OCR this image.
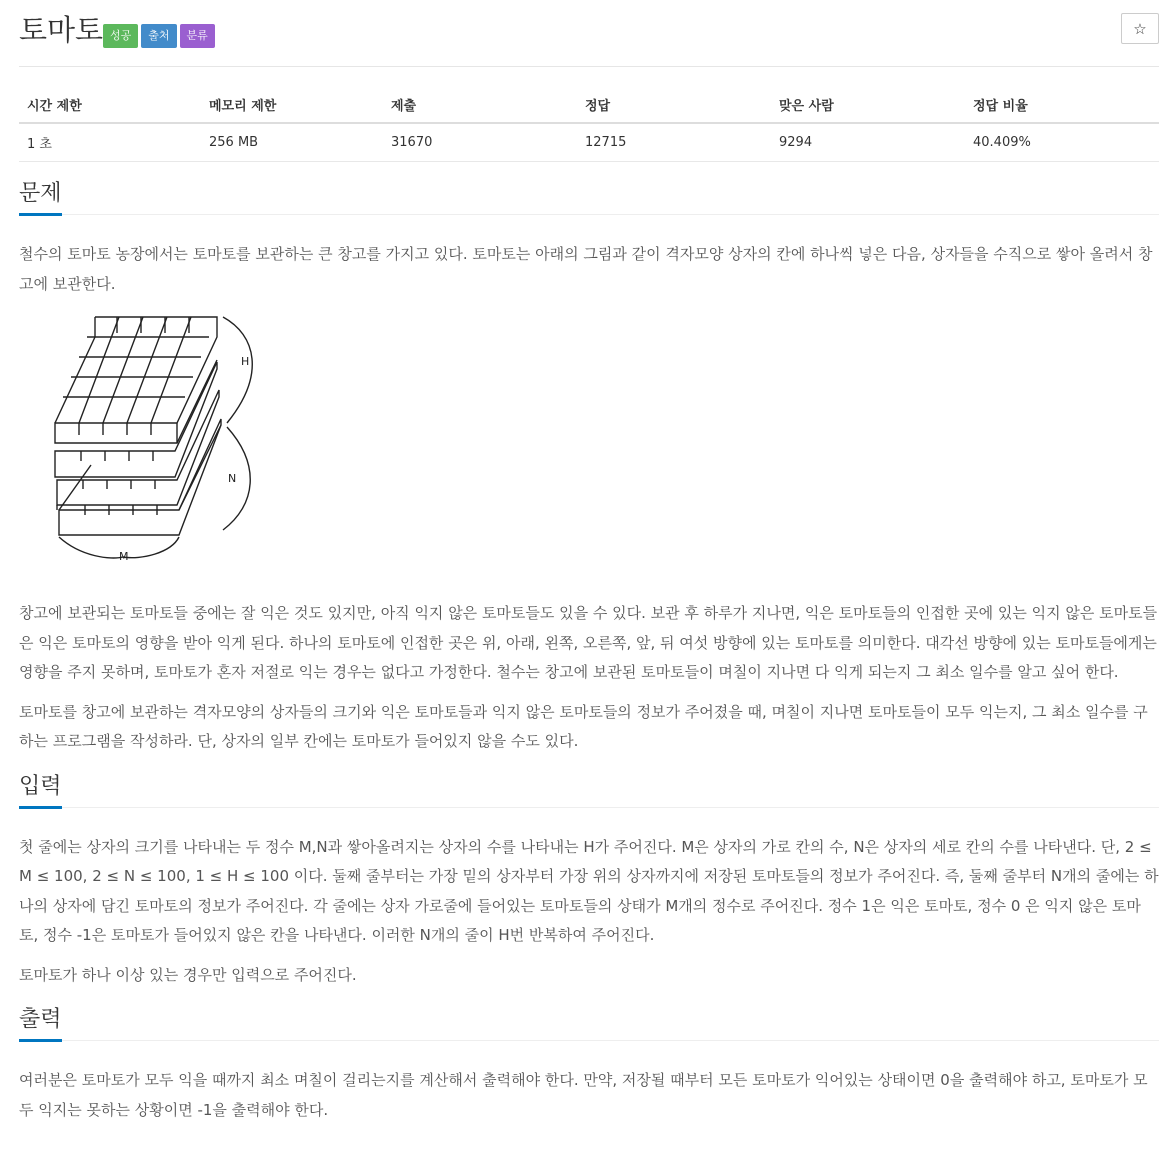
토마토 성공	출처	분류	☆
시간 제한	메모리 제한	제출	정답	맞은 사람	정답 비율
1 초	256 MB	31670	12715	9294	40.409%
문제

철수의 토마토 농장에서는 토마토를 보관하는 큰 창고를 가지고 있다. 토마토는 아래의 그림과 같이 격자모양 상자의 칸에 하나씩 넣은 다음, 상자들을 수직으로 쌓아 올려서 창고에 보관한다.

H
N
M

창고에 보관되는 토마토들 중에는 잘 익은 것도 있지만, 아직 익지 않은 토마토들도 있을 수 있다. 보관 후 하루가 지나면, 익은 토마토들의 인접한 곳에 있는 익지 않은 토마토들은 익은 토마토의 영향을 받아 익게 된다. 하나의 토마토에 인접한 곳은 위, 아래, 왼쪽, 오른쪽, 앞, 뒤 여섯 방향에 있는 토마토를 의미한다. 대각선 방향에 있는 토마토들에게는 영향을 주지 못하며, 토마토가 혼자 저절로 익는 경우는 없다고 가정한다. 철수는 창고에 보관된 토마토들이 며칠이 지나면 다 익게 되는지 그 최소 일수를 알고 싶어 한다.

토마토를 창고에 보관하는 격자모양의 상자들의 크기와 익은 토마토들과 익지 않은 토마토들의 정보가 주어졌을 때, 며칠이 지나면 토마토들이 모두 익는지, 그 최소 일수를 구하는 프로그램을 작성하라. 단, 상자의 일부 칸에는 토마토가 들어있지 않을 수도 있다.

입력

첫 줄에는 상자의 크기를 나타내는 두 정수 M,N과 쌓아올려지는 상자의 수를 나타내는 H가 주어진다. M은 상자의 가로 칸의 수, N은 상자의 세로 칸의 수를 나타낸다. 단, 2 ≤ M ≤ 100, 2 ≤ N ≤ 100, 1 ≤ H ≤ 100 이다. 둘째 줄부터는 가장 밑의 상자부터 가장 위의 상자까지에 저장된 토마토들의 정보가 주어진다. 즉, 둘째 줄부터 N개의 줄에는 하나의 상자에 담긴 토마토의 정보가 주어진다. 각 줄에는 상자 가로줄에 들어있는 토마토들의 상태가 M개의 정수로 주어진다. 정수 1은 익은 토마토, 정수 0 은 익지 않은 토마토, 정수 -1은 토마토가 들어있지 않은 칸을 나타낸다. 이러한 N개의 줄이 H번 반복하여 주어진다.

토마토가 하나 이상 있는 경우만 입력으로 주어진다.

출력

여러분은 토마토가 모두 익을 때까지 최소 며칠이 걸리는지를 계산해서 출력해야 한다. 만약, 저장될 때부터 모든 토마토가 익어있는 상태이면 0을 출력해야 하고, 토마토가 모두 익지는 못하는 상황이면 -1을 출력해야 한다.
